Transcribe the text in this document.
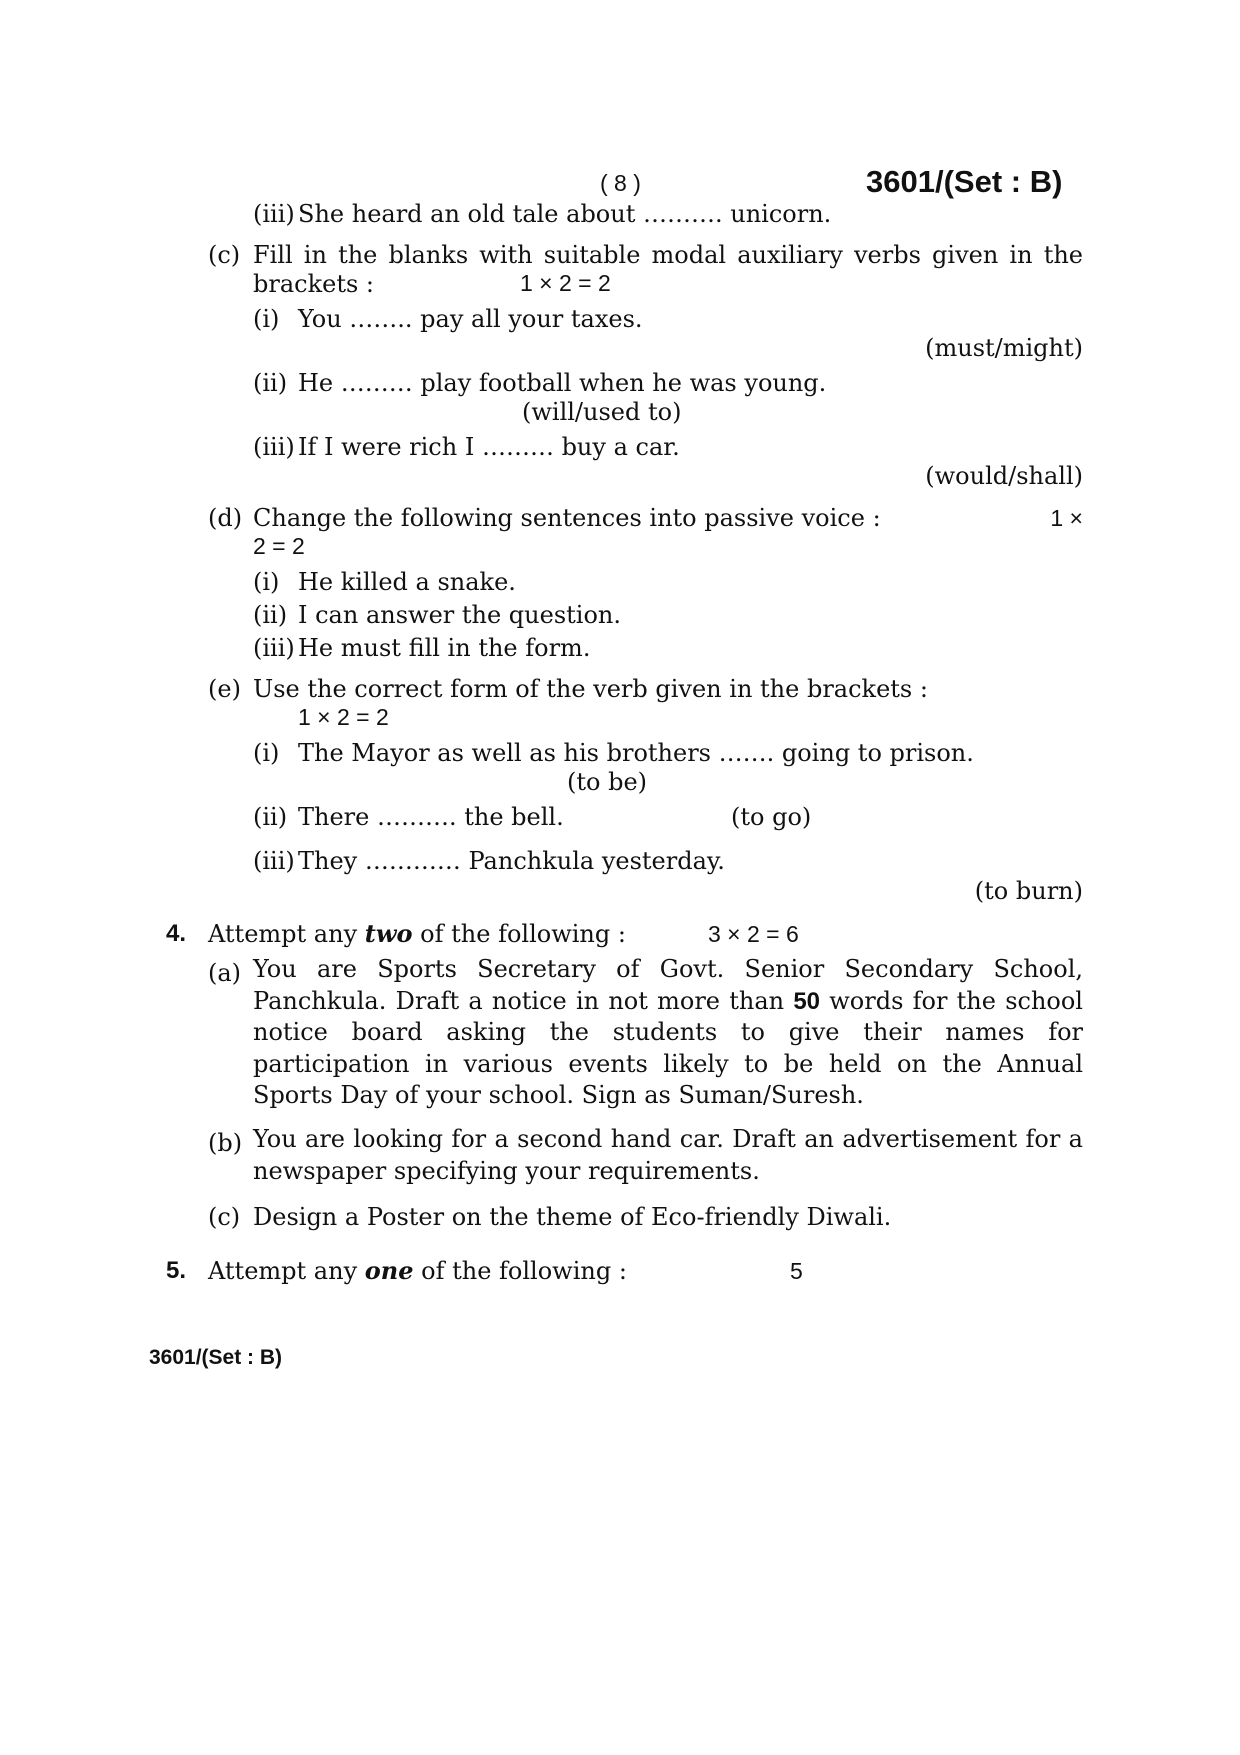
( 8 )	3601/(Set : B)
(iii) She heard an old tale about ………. unicorn.
(c) Fill in the blanks with suitable modal auxiliary verbs given in the
brackets :	1 × 2 = 2
(i) You …….. pay all your taxes.
(must/might)
(ii) He ……… play football when he was young.
(will/used to)
(iii) If I were rich I ……… buy a car.
(would/shall)
(d) Change the following sentences into passive voice :	1 ×
2 = 2
(i) He killed a snake.
(ii) I can answer the question.
(iii) He must fill in the form.
(e) Use the correct form of the verb given in the brackets :
1 × 2 = 2
(i) The Mayor as well as his brothers ……. going to prison.
(to be)
(ii) There ………. the bell.	(to go)
(iii) They ………… Panchkula yesterday.
(to burn)
4. Attempt any two of the following :	3 × 2 = 6
(a) You are Sports Secretary of Govt. Senior Secondary School, Panchkula. Draft a notice in not more than 50 words for the school notice board asking the students to give their names for participation in various events likely to be held on the Annual Sports Day of your school. Sign as Suman/Suresh.
(b) You are looking for a second hand car. Draft an advertisement for a newspaper specifying your requirements.
(c) Design a Poster on the theme of Eco-friendly Diwali.
5. Attempt any one of the following :	5
3601/(Set : B)
